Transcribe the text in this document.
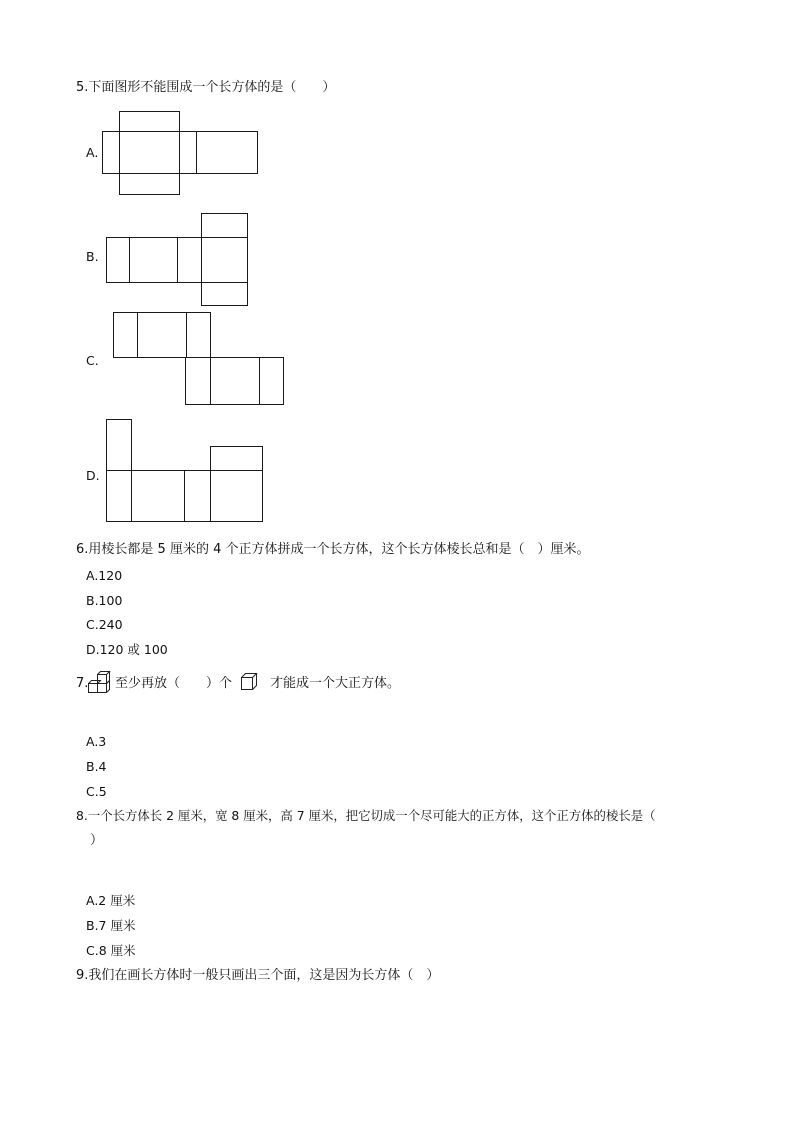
5.下面图形不能围成一个长方体的是（　　）
A.
B.
C.
D.
6.用棱长都是 5 厘米的 4 个正方体拼成一个长方体，这个长方体棱长总和是（　）厘米。
A.120
B.100
C.240
D.120 或 100
7. 至少再放（　　）个	才能成一个大正方体。
A.3
B.4
C.5
8.一个长方体长 2 厘米，宽 8 厘米，高 7 厘米，把它切成一个尽可能大的正方体，这个正方体的棱长是（
）
A.2 厘米
B.7 厘米
C.8 厘米
9.我们在画长方体时一般只画出三个面，这是因为长方体（　）
